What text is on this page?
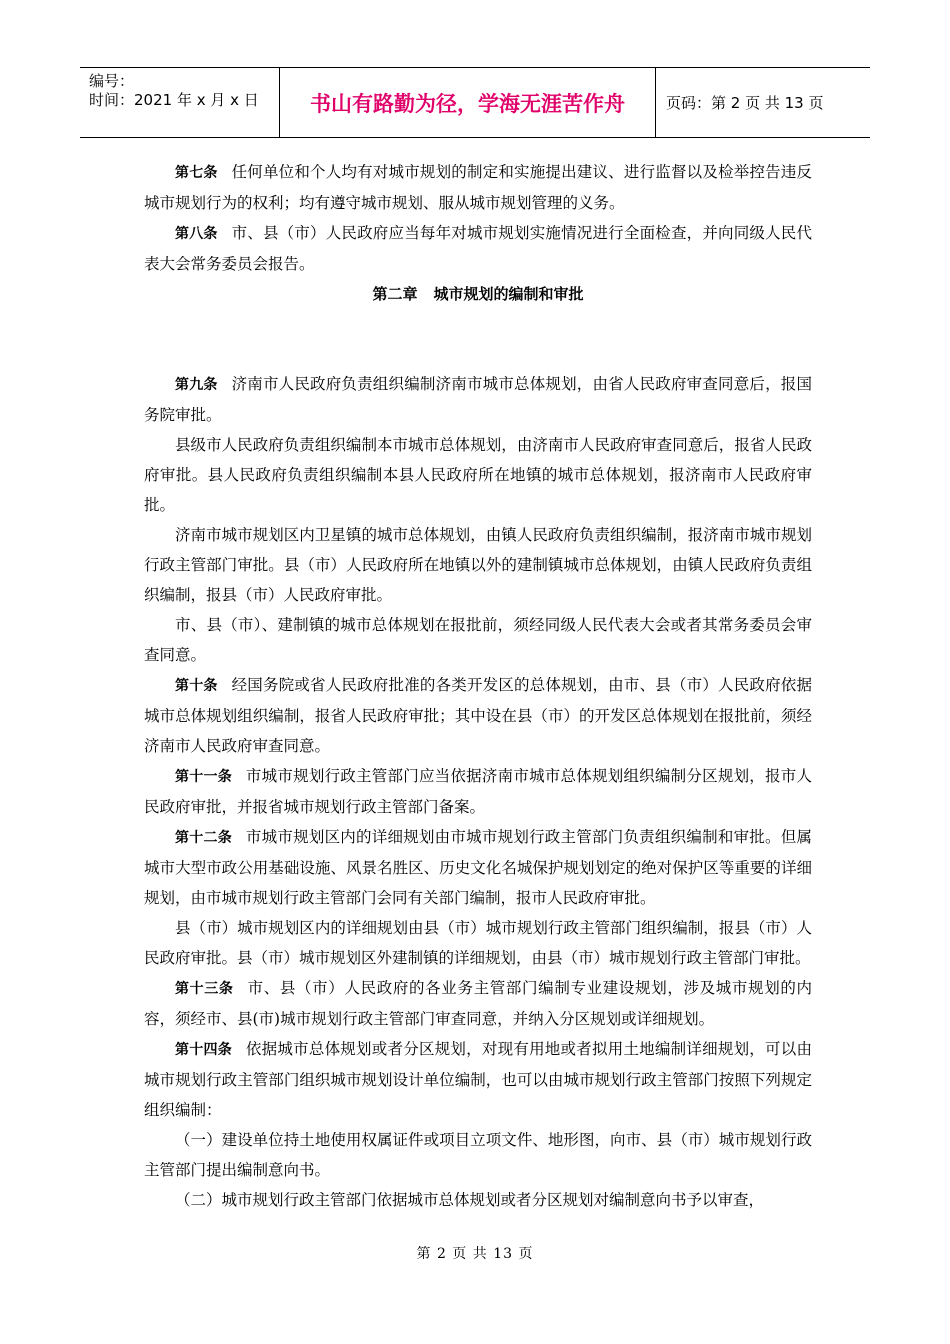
编号：
时间：2021 年 x 月 x 日	书山有路勤为径，学海无涯苦作舟	页码：第 2 页 共 13 页

第七条 任何单位和个人均有对城市规划的制定和实施提出建议、进行监督以及检举控告违反城市规划行为的权利；均有遵守城市规划、服从城市规划管理的义务。

第八条 市、县（市）人民政府应当每年对城市规划实施情况进行全面检查，并向同级人民代表大会常务委员会报告。

第二章 城市规划的编制和审批

第九条 济南市人民政府负责组织编制济南市城市总体规划，由省人民政府审查同意后，报国务院审批。

县级市人民政府负责组织编制本市城市总体规划，由济南市人民政府审查同意后，报省人民政府审批。县人民政府负责组织编制本县人民政府所在地镇的城市总体规划，报济南市人民政府审批。

济南市城市规划区内卫星镇的城市总体规划，由镇人民政府负责组织编制，报济南市城市规划行政主管部门审批。县（市）人民政府所在地镇以外的建制镇城市总体规划，由镇人民政府负责组织编制，报县（市）人民政府审批。

市、县（市）、建制镇的城市总体规划在报批前，须经同级人民代表大会或者其常务委员会审查同意。

第十条 经国务院或省人民政府批准的各类开发区的总体规划，由市、县（市）人民政府依据城市总体规划组织编制，报省人民政府审批；其中设在县（市）的开发区总体规划在报批前，须经济南市人民政府审查同意。

第十一条 市城市规划行政主管部门应当依据济南市城市总体规划组织编制分区规划，报市人民政府审批，并报省城市规划行政主管部门备案。

第十二条 市城市规划区内的详细规划由市城市规划行政主管部门负责组织编制和审批。但属城市大型市政公用基础设施、风景名胜区、历史文化名城保护规划划定的绝对保护区等重要的详细规划，由市城市规划行政主管部门会同有关部门编制，报市人民政府审批。

县（市）城市规划区内的详细规划由县（市）城市规划行政主管部门组织编制，报县（市）人民政府审批。县（市）城市规划区外建制镇的详细规划，由县（市）城市规划行政主管部门审批。

第十三条 市、县（市）人民政府的各业务主管部门编制专业建设规划，涉及城市规划的内容，须经市、县(市)城市规划行政主管部门审查同意，并纳入分区规划或详细规划。

第十四条 依据城市总体规划或者分区规划，对现有用地或者拟用土地编制详细规划，可以由城市规划行政主管部门组织城市规划设计单位编制，也可以由城市规划行政主管部门按照下列规定组织编制：

（一）建设单位持土地使用权属证件或项目立项文件、地形图，向市、县（市）城市规划行政主管部门提出编制意向书。

（二）城市规划行政主管部门依据城市总体规划或者分区规划对编制意向书予以审查，

第 2 页 共 13 页
